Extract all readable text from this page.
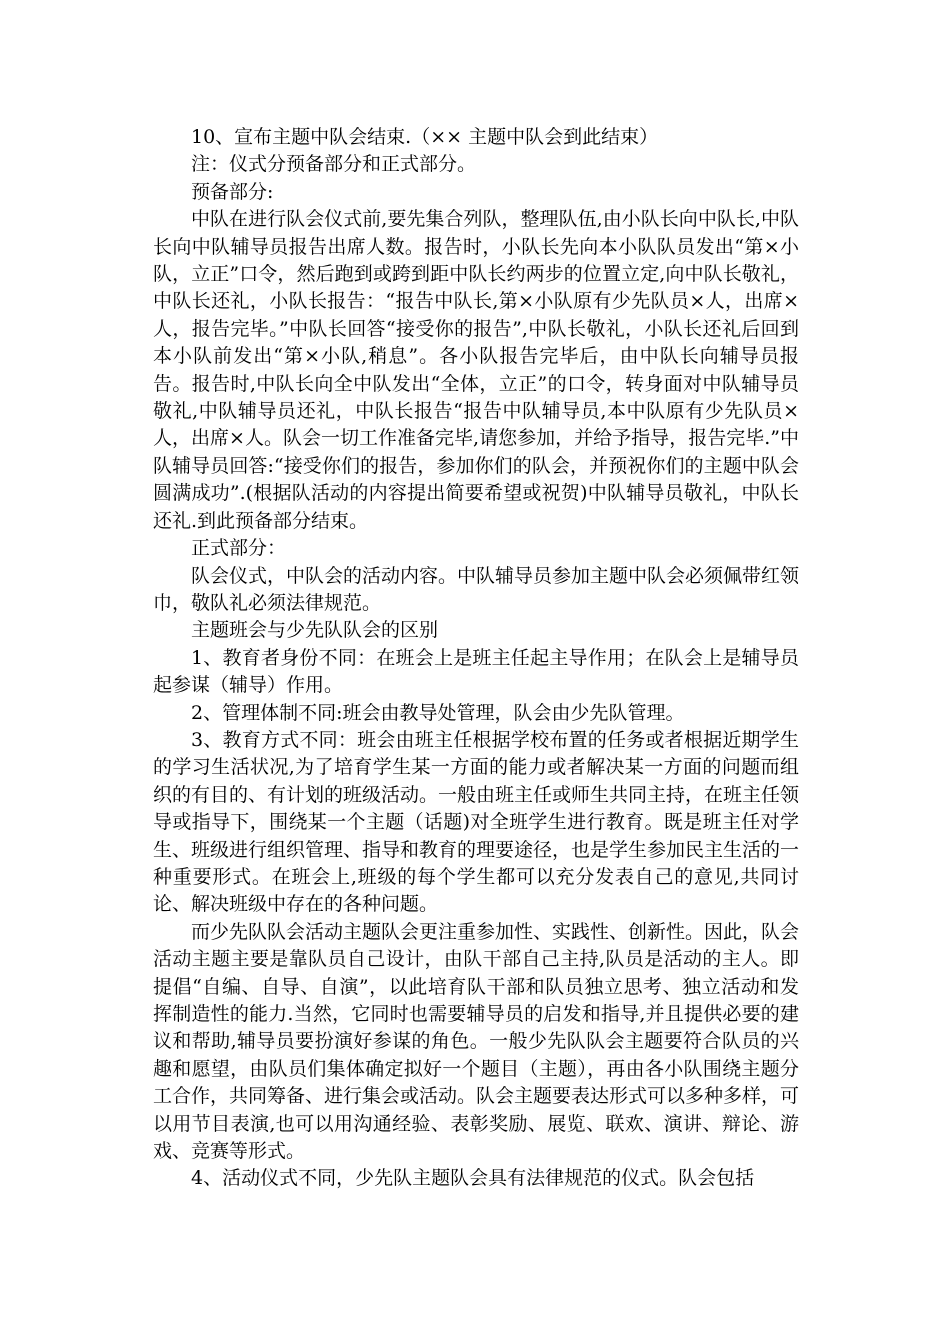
10、宣布主题中队会结束.（×× 主题中队会到此结束）

注：仪式分预备部分和正式部分。

预备部分:

中队在进行队会仪式前,要先集合列队，整理队伍,由小队长向中队长,中队长向中队辅导员报告出席人数。报告时，小队长先向本小队队员发出“第×小队，立正”口令，然后跑到或跨到距中队长约两步的位置立定,向中队长敬礼，中队长还礼，小队长报告：“报告中队长,第×小队原有少先队员×人，出席×人，报告完毕。”中队长回答“接受你的报告”,中队长敬礼，小队长还礼后回到本小队前发出“第×小队,稍息”。各小队报告完毕后，由中队长向辅导员报告。报告时,中队长向全中队发出“全体，立正”的口令，转身面对中队辅导员敬礼,中队辅导员还礼，中队长报告“报告中队辅导员,本中队原有少先队员×人，出席×人。队会一切工作准备完毕,请您参加，并给予指导，报告完毕.”中队辅导员回答:“接受你们的报告，参加你们的队会，并预祝你们的主题中队会圆满成功”.(根据队活动的内容提出简要希望或祝贺)中队辅导员敬礼，中队长还礼.到此预备部分结束。

正式部分：

队会仪式，中队会的活动内容。中队辅导员参加主题中队会必须佩带红领巾，敬队礼必须法律规范。

主题班会与少先队队会的区别

1、教育者身份不同：在班会上是班主任起主导作用；在队会上是辅导员起参谋（辅导）作用。

2、管理体制不同:班会由教导处管理，队会由少先队管理。

3、教育方式不同：班会由班主任根据学校布置的任务或者根据近期学生的学习生活状况,为了培育学生某一方面的能力或者解决某一方面的问题而组织的有目的、有计划的班级活动。一般由班主任或师生共同主持，在班主任领导或指导下，围绕某一个主题（话题)对全班学生进行教育。既是班主任对学生、班级进行组织管理、指导和教育的理要途径，也是学生参加民主生活的一种重要形式。在班会上,班级的每个学生都可以充分发表自己的意见,共同讨论、解决班级中存在的各种问题。

而少先队队会活动主题队会更注重参加性、实践性、创新性。因此，队会活动主题主要是靠队员自己设计，由队干部自己主持,队员是活动的主人。即提倡“自编、自导、自演”，以此培育队干部和队员独立思考、独立活动和发挥制造性的能力.当然，它同时也需要辅导员的启发和指导,并且提供必要的建议和帮助,辅导员要扮演好参谋的角色。一般少先队队会主题要符合队员的兴趣和愿望，由队员们集体确定拟好一个题目（主题），再由各小队围绕主题分工合作，共同筹备、进行集会或活动。队会主题要表达形式可以多种多样，可以用节目表演,也可以用沟通经验、表彰奖励、展览、联欢、演讲、辩论、游戏、竞赛等形式。

4、活动仪式不同，少先队主题队会具有法律规范的仪式。队会包括
